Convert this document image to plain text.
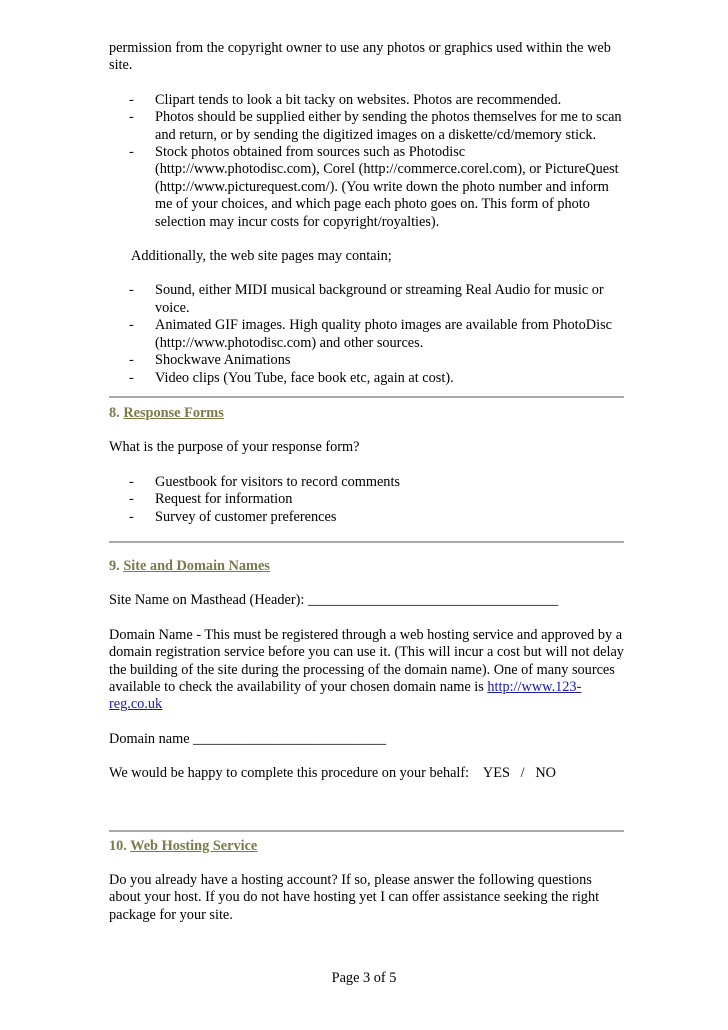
permission from the copyright owner to use any photos or graphics used within the web site.

- Clipart tends to look a bit tacky on websites. Photos are recommended.
- Photos should be supplied either by sending the photos themselves for me to scan and return, or by sending the digitized images on a diskette/cd/memory stick.
- Stock photos obtained from sources such as Photodisc (http://www.photodisc.com), Corel (http://commerce.corel.com), or PictureQuest (http://www.picturequest.com/). (You write down the photo number and inform me of your choices, and which page each photo goes on. This form of photo selection may incur costs for copyright/royalties).

Additionally, the web site pages may contain;

- Sound, either MIDI musical background or streaming Real Audio for music or voice.
- Animated GIF images. High quality photo images are available from PhotoDisc (http://www.photodisc.com) and other sources.
- Shockwave Animations
- Video clips (You Tube, face book etc, again at cost).

8. Response Forms

What is the purpose of your response form?

- Guestbook for visitors to record comments
- Request for information
- Survey of customer preferences

9. Site and Domain Names

Site Name on Masthead (Header): ___________________________________

Domain Name - This must be registered through a web hosting service and approved by a domain registration service before you can use it. (This will incur a cost but will not delay the building of the site during the processing of the domain name). One of many sources available to check the availability of your chosen domain name is http://www.123-reg.co.uk

Domain name ___________________________

We would be happy to complete this procedure on your behalf:    YES   /   NO

10. Web Hosting Service

Do you already have a hosting account? If so, please answer the following questions about your host. If you do not have hosting yet I can offer assistance seeking the right package for your site.

Page 3 of 5
